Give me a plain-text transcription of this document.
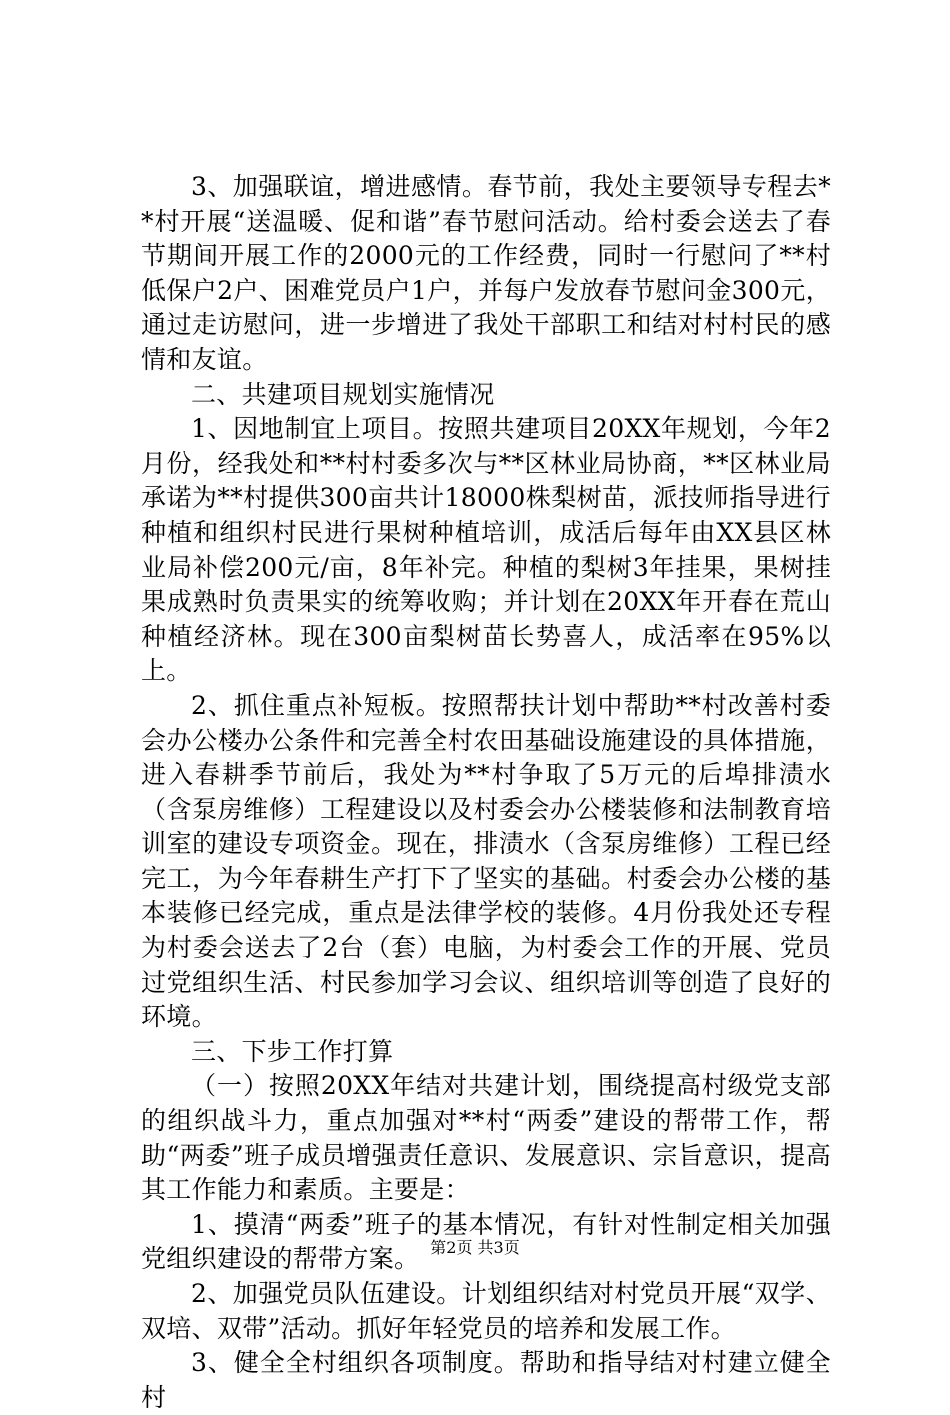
3、加强联谊，增进感情。春节前，我处主要领导专程去**村开展“送温暖、促和谐”春节慰问活动。给村委会送去了春节期间开展工作的2000元的工作经费，同时一行慰问了**村低保户2户、困难党员户1户，并每户发放春节慰问金300元，通过走访慰问，进一步增进了我处干部职工和结对村村民的感情和友谊。

二、共建项目规划实施情况

1、因地制宜上项目。按照共建项目20XX年规划，今年2月份，经我处和**村村委多次与**区林业局协商，**区林业局承诺为**村提供300亩共计18000株梨树苗，派技师指导进行种植和组织村民进行果树种植培训，成活后每年由XX县区林业局补偿200元/亩，8年补完。种植的梨树3年挂果，果树挂果成熟时负责果实的统筹收购；并计划在20XX年开春在荒山种植经济林。现在300亩梨树苗长势喜人，成活率在95%以上。

2、抓住重点补短板。按照帮扶计划中帮助**村改善村委会办公楼办公条件和完善全村农田基础设施建设的具体措施，进入春耕季节前后，我处为**村争取了5万元的后埠排渍水（含泵房维修）工程建设以及村委会办公楼装修和法制教育培训室的建设专项资金。现在，排渍水（含泵房维修）工程已经完工，为今年春耕生产打下了坚实的基础。村委会办公楼的基本装修已经完成，重点是法律学校的装修。4月份我处还专程为村委会送去了2台（套）电脑，为村委会工作的开展、党员过党组织生活、村民参加学习会议、组织培训等创造了良好的环境。

三、下步工作打算

（一）按照20XX年结对共建计划，围绕提高村级党支部的组织战斗力，重点加强对**村“两委”建设的帮带工作，帮助“两委”班子成员增强责任意识、发展意识、宗旨意识，提高其工作能力和素质。主要是：

1、摸清“两委”班子的基本情况，有针对性制定相关加强党组织建设的帮带方案。

2、加强党员队伍建设。计划组织结对村党员开展“双学、双培、双带”活动。抓好年轻党员的培养和发展工作。

3、健全全村组织各项制度。帮助和指导结对村建立健全村

第2页 共3页
